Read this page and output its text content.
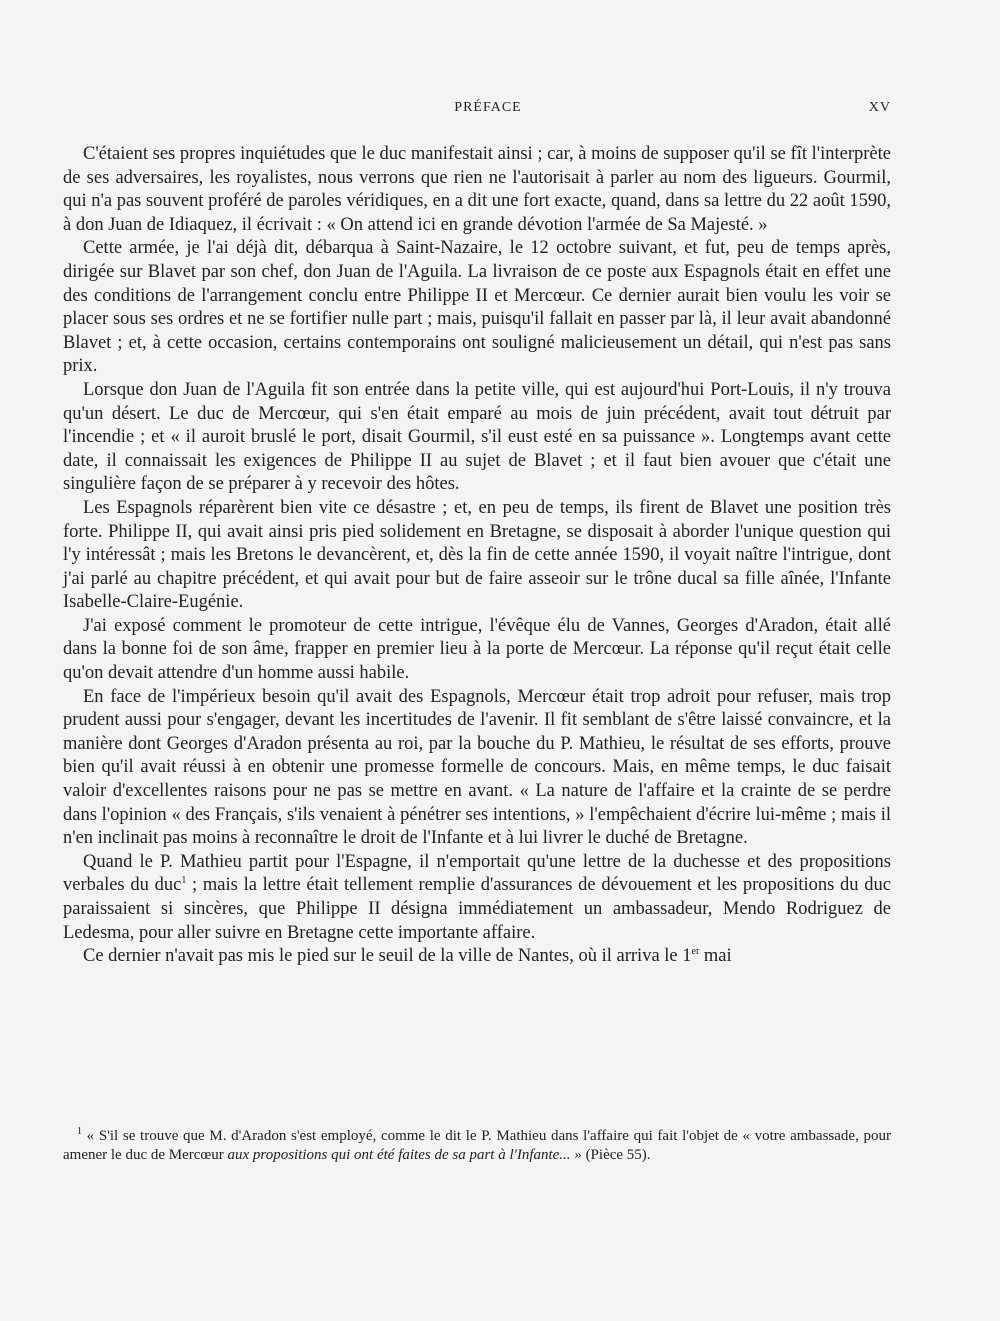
PRÉFACE	XV

C'étaient ses propres inquiétudes que le duc manifestait ainsi ; car, à moins de supposer qu'il se fît l'interprète de ses adversaires, les royalistes, nous verrons que rien ne l'autorisait à parler au nom des ligueurs. Gourmil, qui n'a pas souvent proféré de paroles véridiques, en a dit une fort exacte, quand, dans sa lettre du 22 août 1590, à don Juan de Idiaquez, il écrivait : « On attend ici en grande dévotion l'armée de Sa Majesté. »

Cette armée, je l'ai déjà dit, débarqua à Saint-Nazaire, le 12 octobre suivant, et fut, peu de temps après, dirigée sur Blavet par son chef, don Juan de l'Aguila. La livraison de ce poste aux Espagnols était en effet une des conditions de l'arrangement conclu entre Philippe II et Mercœur. Ce dernier aurait bien voulu les voir se placer sous ses ordres et ne se fortifier nulle part ; mais, puisqu'il fallait en passer par là, il leur avait abandonné Blavet ; et, à cette occasion, certains contemporains ont souligné malicieusement un détail, qui n'est pas sans prix.

Lorsque don Juan de l'Aguila fit son entrée dans la petite ville, qui est aujourd'hui Port-Louis, il n'y trouva qu'un désert. Le duc de Mercœur, qui s'en était emparé au mois de juin précédent, avait tout détruit par l'incendie ; et « il auroit bruslé le port, disait Gourmil, s'il eust esté en sa puissance ». Longtemps avant cette date, il connaissait les exigences de Philippe II au sujet de Blavet ; et il faut bien avouer que c'était une singulière façon de se préparer à y recevoir des hôtes.

Les Espagnols réparèrent bien vite ce désastre ; et, en peu de temps, ils firent de Blavet une position très forte. Philippe II, qui avait ainsi pris pied solidement en Bretagne, se disposait à aborder l'unique question qui l'y intéressât ; mais les Bretons le devancèrent, et, dès la fin de cette année 1590, il voyait naître l'intrigue, dont j'ai parlé au chapitre précédent, et qui avait pour but de faire asseoir sur le trône ducal sa fille aînée, l'Infante Isabelle-Claire-Eugénie.

J'ai exposé comment le promoteur de cette intrigue, l'évêque élu de Vannes, Georges d'Aradon, était allé dans la bonne foi de son âme, frapper en premier lieu à la porte de Mercœur. La réponse qu'il reçut était celle qu'on devait attendre d'un homme aussi habile.

En face de l'impérieux besoin qu'il avait des Espagnols, Mercœur était trop adroit pour refuser, mais trop prudent aussi pour s'engager, devant les incertitudes de l'avenir. Il fit semblant de s'être laissé convaincre, et la manière dont Georges d'Aradon présenta au roi, par la bouche du P. Mathieu, le résultat de ses efforts, prouve bien qu'il avait réussi à en obtenir une promesse formelle de concours. Mais, en même temps, le duc faisait valoir d'excellentes raisons pour ne pas se mettre en avant. « La nature de l'affaire et la crainte de se perdre dans l'opinion « des Français, s'ils venaient à pénétrer ses intentions, » l'empêchaient d'écrire lui-même ; mais il n'en inclinait pas moins à reconnaître le droit de l'Infante et à lui livrer le duché de Bretagne.

Quand le P. Mathieu partit pour l'Espagne, il n'emportait qu'une lettre de la duchesse et des propositions verbales du duc$^1$ ; mais la lettre était tellement remplie d'assurances de dévouement et les propositions du duc paraissaient si sincères, que Philippe II désigna immédiatement un ambassadeur, Mendo Rodriguez de Ledesma, pour aller suivre en Bretagne cette importante affaire.

Ce dernier n'avait pas mis le pied sur le seuil de la ville de Nantes, où il arriva le 1er mai

$^1$ « S'il se trouve que M. d'Aradon s'est employé, comme le dit le P. Mathieu dans l'affaire qui fait l'objet de « votre ambassade, pour amener le duc de Mercœur aux propositions qui ont été faites de sa part à l'Infante... » (Pièce 55).
